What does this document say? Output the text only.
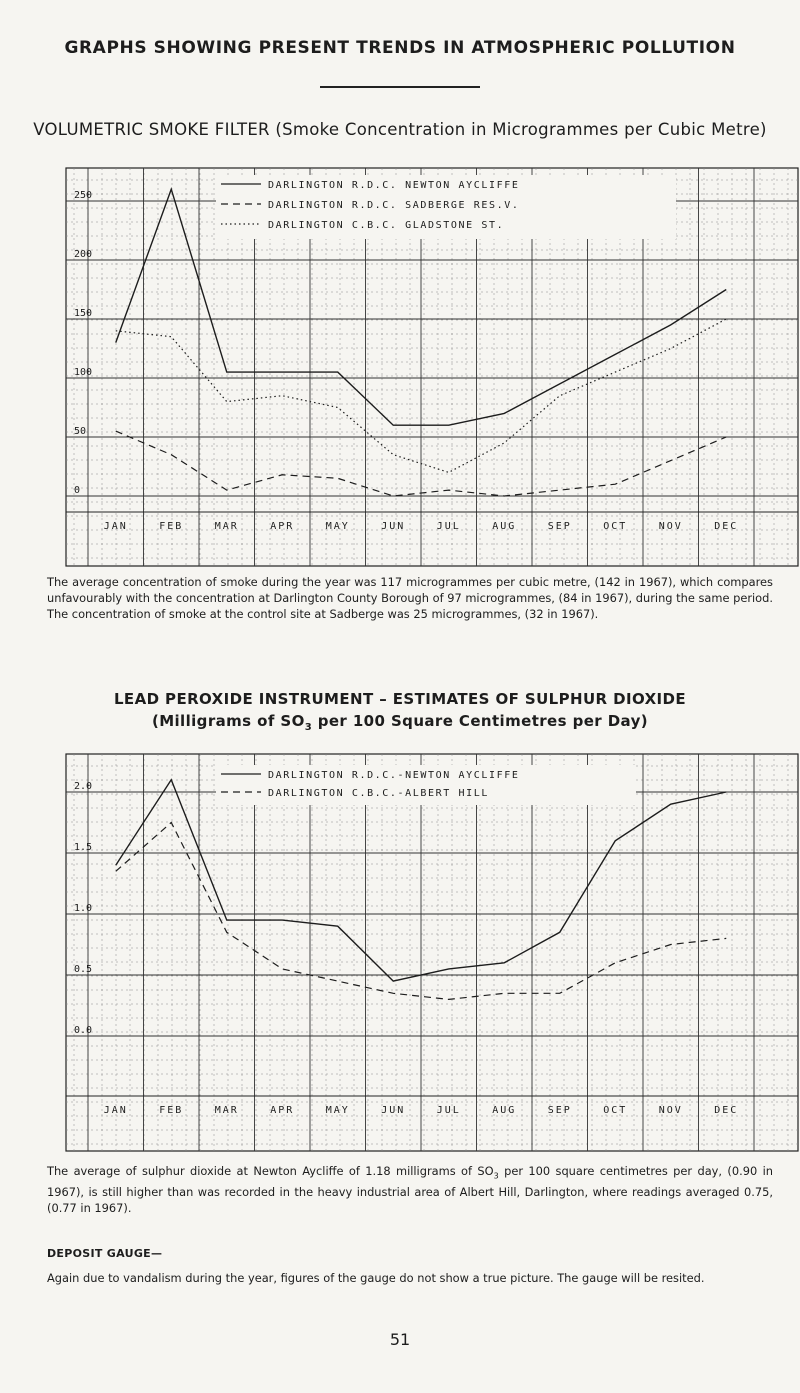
GRAPHS SHOWING PRESENT TRENDS IN ATMOSPHERIC POLLUTION
VOLUMETRIC SMOKE FILTER (Smoke Concentration in Microgrammes per Cubic Metre)
0
50
100
150
200
250
JAN	FEB	MAR	APR	MAY	JUN	JUL	AUG	SEP	OCT	NOV	DEC
DARLINGTON R.D.C. NEWTON AYCLIFFE
DARLINGTON R.D.C. SADBERGE RES.V.
DARLINGTON C.B.C. GLADSTONE ST.
The average concentration of smoke during the year was 117 microgrammes per cubic metre, (142 in 1967), which compares unfavourably with the concentration at Darlington County Borough of 97 microgrammes, (84 in 1967), during the same period. The concentration of smoke at the control site at Sadberge was 25 microgrammes, (32 in 1967).
LEAD PEROXIDE INSTRUMENT – ESTIMATES OF SULPHUR DIOXIDE
(Milligrams of $SO_3$ per 100 Square Centimetres per Day)
0.0
0.5
1.0
1.5
2.0
JAN	FEB	MAR	APR	MAY	JUN	JUL	AUG	SEP	OCT	NOV	DEC
DARLINGTON R.D.C.-NEWTON AYCLIFFE
DARLINGTON C.B.C.-ALBERT HILL
The average of sulphur dioxide at Newton Aycliffe of 1.18 milligrams of $SO_3$ per 100 square centimetres per day, (0.90 in 1967), is still higher than was recorded in the heavy industrial area of Albert Hill, Darlington, where readings averaged 0.75, (0.77 in 1967).
DEPOSIT GAUGE—
Again due to vandalism during the year, figures of the gauge do not show a true picture. The gauge will be resited.
51
